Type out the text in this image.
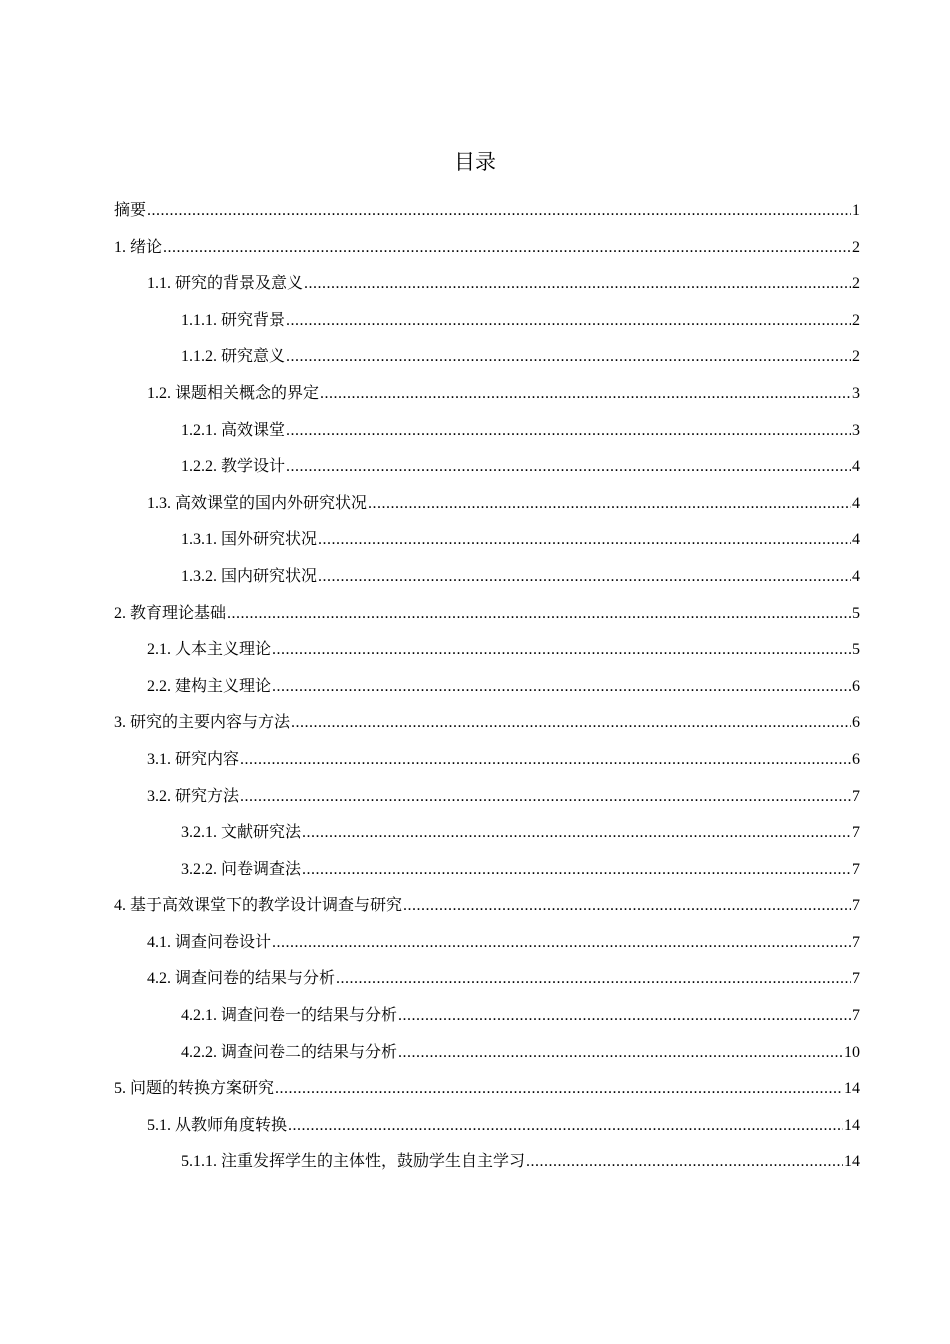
目录
摘要 .....	1
1. 绪论 .....	2
1.1. 研究的背景及意义 .....	2
1.1.1. 研究背景 .....	2
1.1.2. 研究意义 .....	2
1.2. 课题相关概念的界定 .....	3
1.2.1. 高效课堂 .....	3
1.2.2. 教学设计 .....	4
1.3. 高效课堂的国内外研究状况 .....	4
1.3.1. 国外研究状况 .....	4
1.3.2. 国内研究状况 .....	4
2. 教育理论基础 .....	5
2.1. 人本主义理论 .....	5
2.2. 建构主义理论 .....	6
3. 研究的主要内容与方法 .....	6
3.1. 研究内容 .....	6
3.2. 研究方法 .....	7
3.2.1. 文献研究法 .....	7
3.2.2. 问卷调查法 .....	7
4. 基于高效课堂下的教学设计调查与研究 .....	7
4.1. 调查问卷设计 .....	7
4.2. 调查问卷的结果与分析 .....	7
4.2.1. 调查问卷一的结果与分析 .....	7
4.2.2. 调查问卷二的结果与分析 .....	10
5. 问题的转换方案研究 .....	14
5.1. 从教师角度转换 .....	14
5.1.1. 注重发挥学生的主体性，鼓励学生自主学习 .....	14
